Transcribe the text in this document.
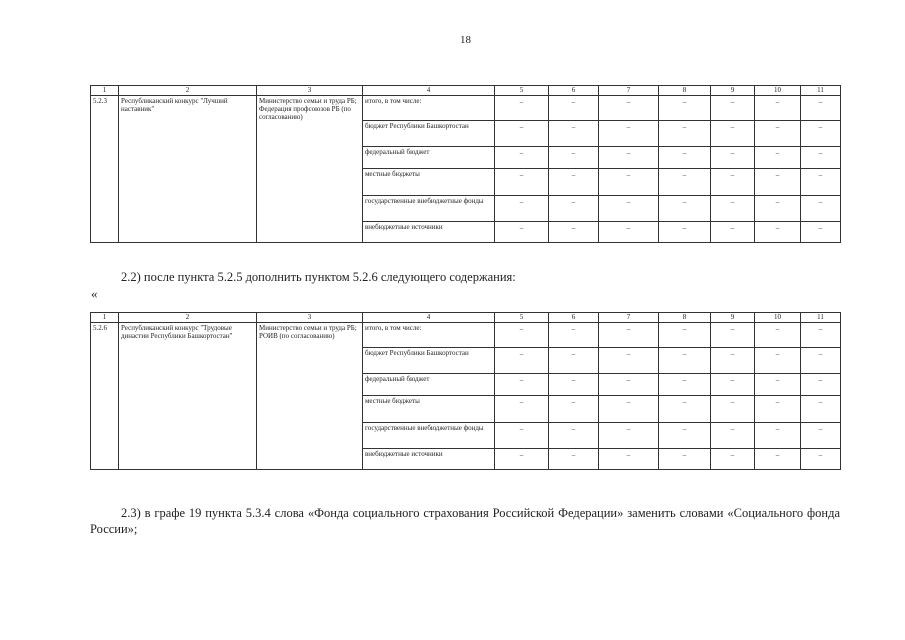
18
1	2	3	4	5	6	7	8	9	10	11
5.2.3	Республиканский конкурс "Лучший наставник"	Министерство семьи и труда РБ; Федерация профсоюзов РБ (по согласованию)	итого, в том числе:	–	–	–	–	–	–	–
			бюджет Республики Башкортостан	–	–	–	–	–	–	–
			федеральный бюджет	–	–	–	–	–	–	–
			местные бюджеты	–	–	–	–	–	–	–
			государственные внебюджетные фонды	–	–	–	–	–	–	–
			внебюджетные источники	–	–	–	–	–	–	–
2.2) после пункта 5.2.5 дополнить пунктом 5.2.6 следующего содержания:
«
1	2	3	4	5	6	7	8	9	10	11
5.2.6	Республиканский конкурс "Трудовые династии Республики Башкортостан"	Министерство семьи и труда РБ; РОИВ (по согласованию)	итого, в том числе:	–	–	–	–	–	–	–
			бюджет Республики Башкортостан	–	–	–	–	–	–	–
			федеральный бюджет	–	–	–	–	–	–	–
			местные бюджеты	–	–	–	–	–	–	–
			государственные внебюджетные фонды	–	–	–	–	–	–	–
			внебюджетные источники	–	–	–	–	–	–	–
2.3) в графе 19 пункта 5.3.4 слова «Фонда социального страхования Российской Федерации» заменить словами «Социального фонда России»;
